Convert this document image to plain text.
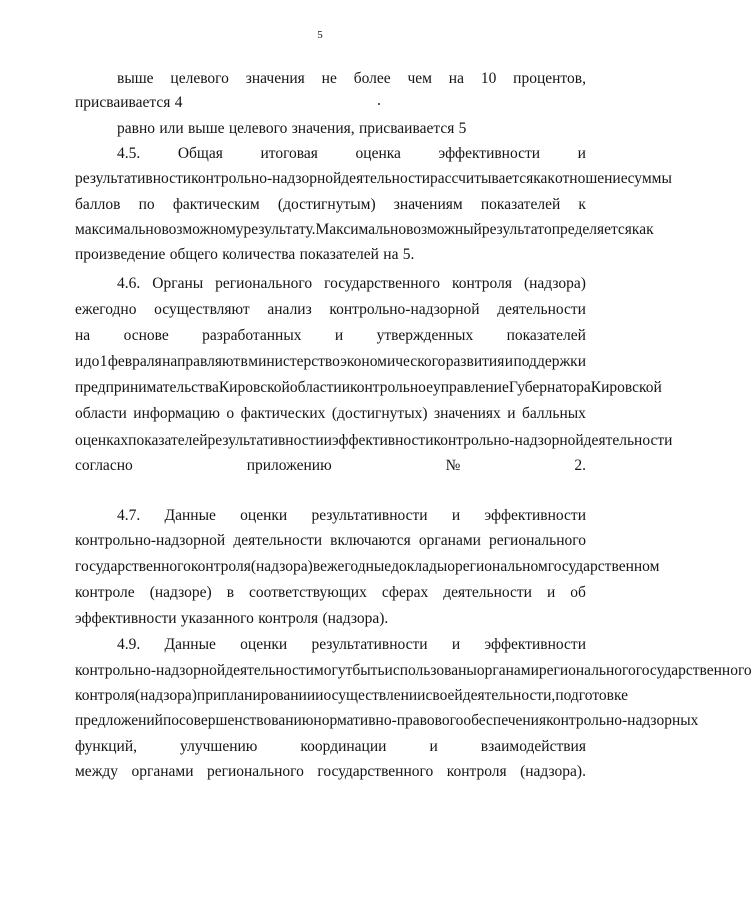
5
выше целевого значения не более чем на 10 процентов,
присваивается 4
равно или выше целевого значения, присваивается 5
4.5. Общая итоговая оценка эффективности и
результативности контрольно-надзорной деятельности рассчитывается как отношение суммы
баллов по фактическим (достигнутым) значениям показателей к
максимально возможному результату. Максимально возможный результат определяется как
произведение общего количества показателей на 5.
4.6. Органы регионального государственного контроля (надзора)
ежегодно осуществляют анализ контрольно-надзорной деятельности
на основе разработанных и утвержденных показателей
и до 1 февраля направляют в министерство экономического развития и поддержки
предпринимательства Кировской области и контрольное управление Губернатора Кировской
области информацию о фактических (достигнутых) значениях и балльных
оценках показателей результативности и эффективности контрольно-надзорной деятельности
согласно	приложению	№	2.
4.7. Данные оценки результативности и эффективности
контрольно-надзорной деятельности включаются органами регионального
государственного контроля (надзора) в ежегодные доклады о региональном государственном
контроле (надзоре) в соответствующих сферах деятельности и об
эффективности указанного контроля (надзора).
4.9. Данные оценки результативности и эффективности
контрольно-надзорной деятельности могут быть использованы органами регионального государственного
контроля (надзора) при планировании и осуществлении своей деятельности, подготовке
предложений по совершенствованию нормативно-правового обеспечения контрольно-надзорных
функций,	улучшению	координации	и	взаимодействия
между органами регионального государственного контроля (надзора).
